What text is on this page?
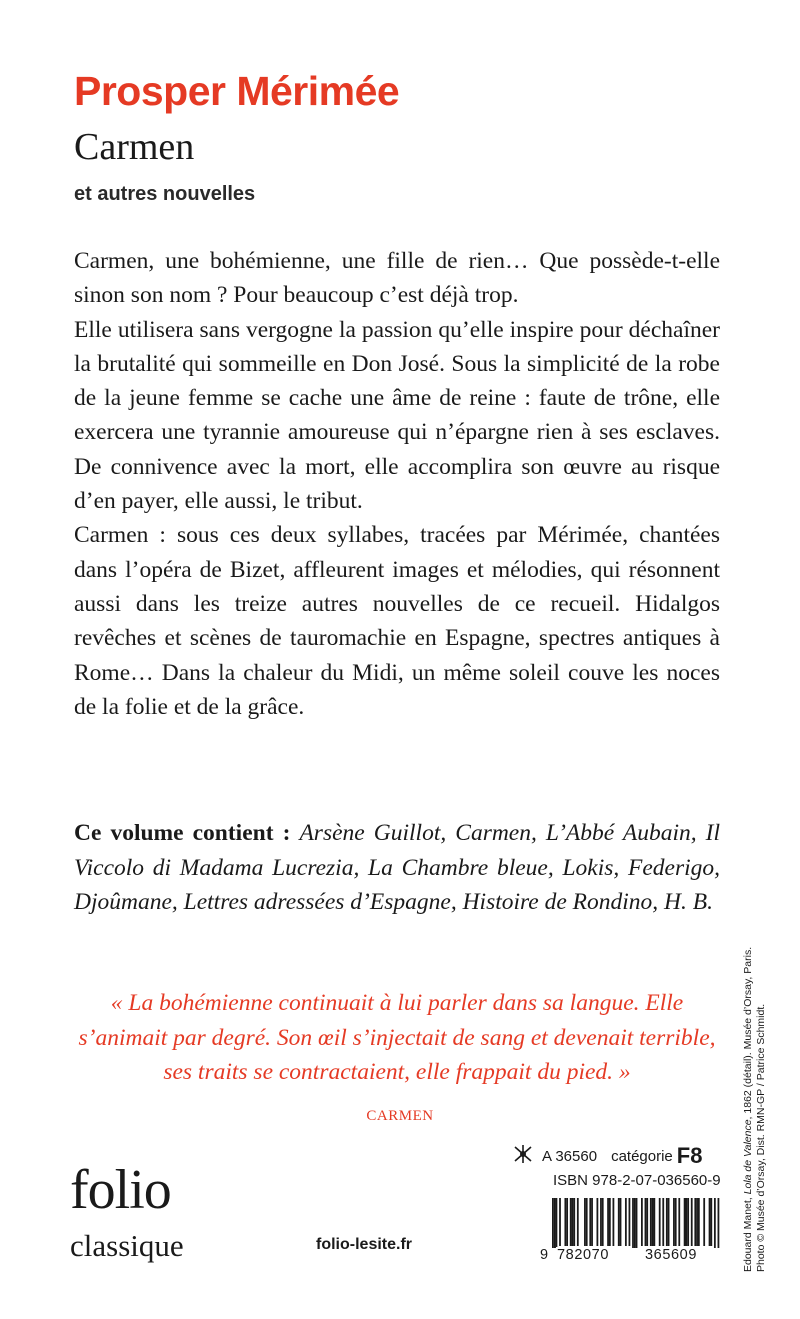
Prosper Mérimée
Carmen
et autres nouvelles

Carmen, une bohémienne, une fille de rien… Que possède-t-elle sinon son nom ? Pour beaucoup c’est déjà trop.

Elle utilisera sans vergogne la passion qu’elle inspire pour déchaîner la brutalité qui sommeille en Don José. Sous la simplicité de la robe de la jeune femme se cache une âme de reine : faute de trône, elle exercera une tyrannie amoureuse qui n’épargne rien à ses esclaves. De connivence avec la mort, elle accomplira son œuvre au risque d’en payer, elle aussi, le tribut.

Carmen : sous ces deux syllabes, tracées par Mérimée, chantées dans l’opéra de Bizet, affleurent images et mélodies, qui résonnent aussi dans les treize autres nouvelles de ce recueil. Hidalgos revêches et scènes de tauromachie en Espagne, spectres antiques à Rome… Dans la chaleur du Midi, un même soleil couve les noces de la folie et de la grâce.

Ce volume contient : Arsène Guillot, Carmen, L’Abbé Aubain, Il Viccolo di Madama Lucrezia, La Chambre bleue, Lokis, Federigo, Djoûmane, Lettres adressées d’Espagne, Histoire de Rondino, H. B.
« La bohémienne continuait à lui parler dans sa langue. Elle s’animait par degré. Son œil s’injectait de sang et devenait terrible, ses traits se contractaient, elle frappait du pied. »
CARMEN
folio
classique	folio-lesite.fr
A 36560 catégorie F8
ISBN 978-2-07-036560-9
9 782070 365609	Edouard Manet, Lola de Valence, 1862 (détail). Musée d’Orsay, Paris. Photo © Musée d’Orsay, Dist. RMN-GP / Patrice Schmidt.
